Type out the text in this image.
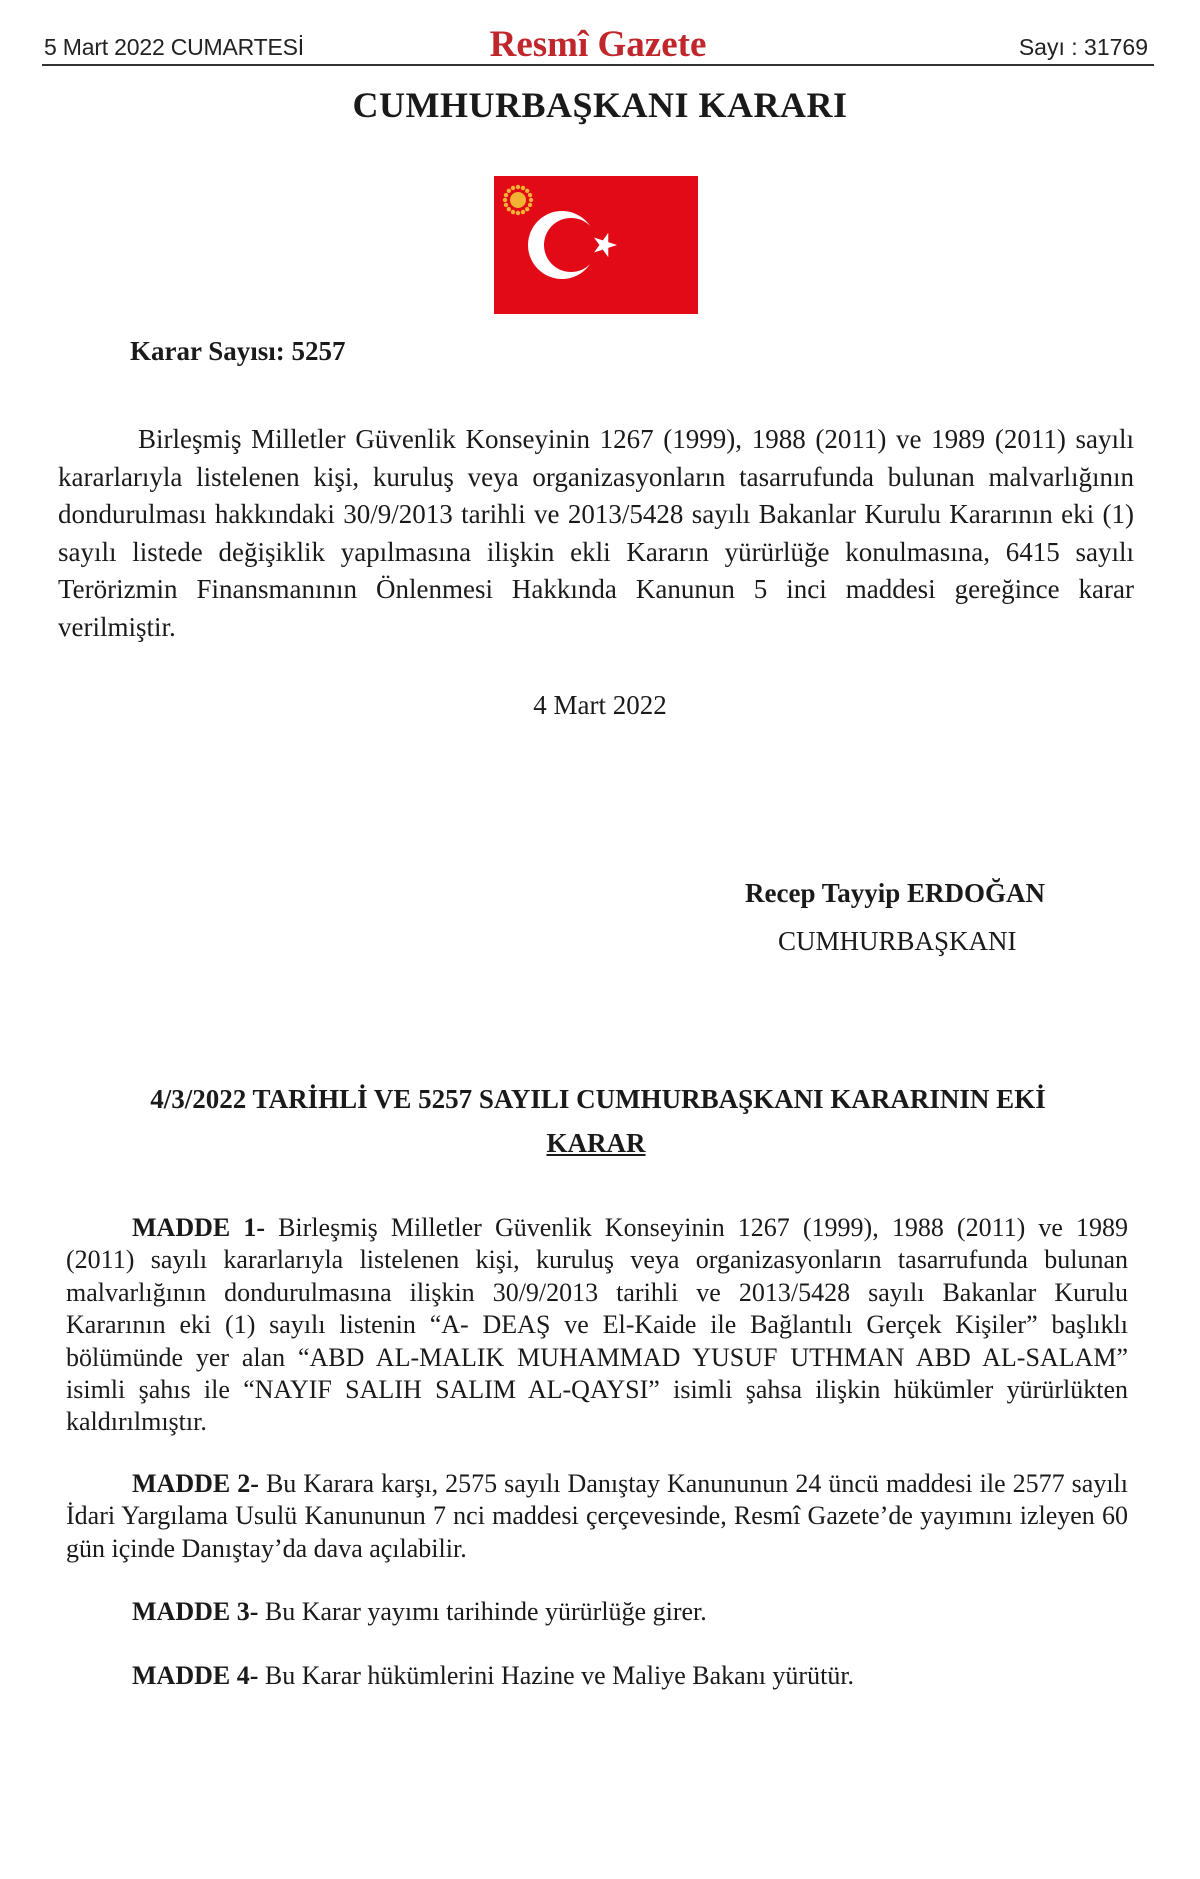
5 Mart 2022 CUMARTESİ	Resmî Gazete	Sayı : 31769
CUMHURBAŞKANI KARARI
Karar Sayısı: 5257

Birleşmiş Milletler Güvenlik Konseyinin 1267 (1999), 1988 (2011) ve 1989 (2011) sayılı kararlarıyla listelenen kişi, kuruluş veya organizasyonların tasarrufunda bulunan malvarlığının dondurulması hakkındaki 30/9/2013 tarihli ve 2013/5428 sayılı Bakanlar Kurulu Kararının eki (1) sayılı listede değişiklik yapılmasına ilişkin ekli Kararın yürürlüğe konulmasına, 6415 sayılı Terörizmin Finansmanının Önlenmesi Hakkında Kanunun 5 inci maddesi gereğince karar verilmiştir.

4 Mart 2022
Recep Tayyip ERDOĞAN
CUMHURBAŞKANI
4/3/2022 TARİHLİ VE 5257 SAYILI CUMHURBAŞKANI KARARININ EKİ
KARAR

MADDE 1- Birleşmiş Milletler Güvenlik Konseyinin 1267 (1999), 1988 (2011) ve 1989 (2011) sayılı kararlarıyla listelenen kişi, kuruluş veya organizasyonların tasarrufunda bulunan malvarlığının dondurulmasına ilişkin 30/9/2013 tarihli ve 2013/5428 sayılı Bakanlar Kurulu Kararının eki (1) sayılı listenin “A- DEAŞ ve El-Kaide ile Bağlantılı Gerçek Kişiler” başlıklı bölümünde yer alan “ABD AL-MALIK MUHAMMAD YUSUF UTHMAN ABD AL-SALAM” isimli şahıs ile “NAYIF SALIH SALIM AL-QAYSI” isimli şahsa ilişkin hükümler yürürlükten kaldırılmıştır.

MADDE 2- Bu Karara karşı, 2575 sayılı Danıştay Kanununun 24 üncü maddesi ile 2577 sayılı İdari Yargılama Usulü Kanununun 7 nci maddesi çerçevesinde, Resmî Gazete’de yayımını izleyen 60 gün içinde Danıştay’da dava açılabilir.

MADDE 3- Bu Karar yayımı tarihinde yürürlüğe girer.

MADDE 4- Bu Karar hükümlerini Hazine ve Maliye Bakanı yürütür.
